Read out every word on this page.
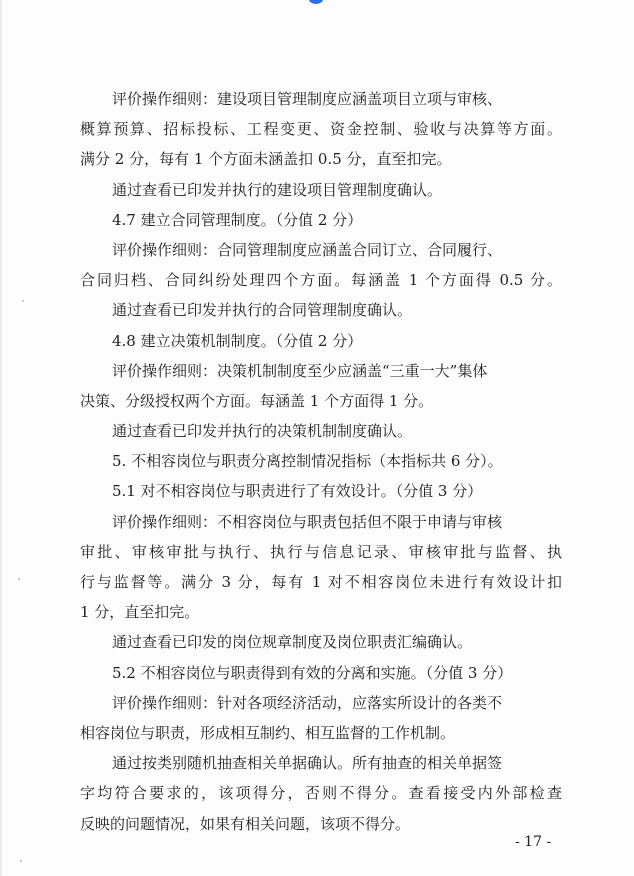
评价操作细则：建设项目管理制度应涵盖项目立项与审核、
概算预算、招标投标、工程变更、资金控制、验收与决算等方面。
满分 2 分，每有 1 个方面未涵盖扣 0.5 分，直至扣完。
通过查看已印发并执行的建设项目管理制度确认。
4.7 建立合同管理制度。（分值 2 分）
评价操作细则：合同管理制度应涵盖合同订立、合同履行、
合同归档、合同纠纷处理四个方面。每涵盖 1 个方面得 0.5 分。
通过查看已印发并执行的合同管理制度确认。
4.8 建立决策机制制度。（分值 2 分）
评价操作细则：决策机制制度至少应涵盖“三重一大”集体
决策、分级授权两个方面。每涵盖 1 个方面得 1 分。
通过查看已印发并执行的决策机制制度确认。
5. 不相容岗位与职责分离控制情况指标（本指标共 6 分）。
5.1 对不相容岗位与职责进行了有效设计。（分值 3 分）
评价操作细则：不相容岗位与职责包括但不限于申请与审核
审批、审核审批与执行、执行与信息记录、审核审批与监督、执
行与监督等。满分 3 分，每有 1 对不相容岗位未进行有效设计扣
1 分，直至扣完。
通过查看已印发的岗位规章制度及岗位职责汇编确认。
5.2 不相容岗位与职责得到有效的分离和实施。（分值 3 分）
评价操作细则：针对各项经济活动，应落实所设计的各类不
相容岗位与职责，形成相互制约、相互监督的工作机制。
通过按类别随机抽查相关单据确认。所有抽查的相关单据签
字均符合要求的，该项得分，否则不得分。查看接受内外部检查
反映的问题情况，如果有相关问题，该项不得分。
- 17 -
